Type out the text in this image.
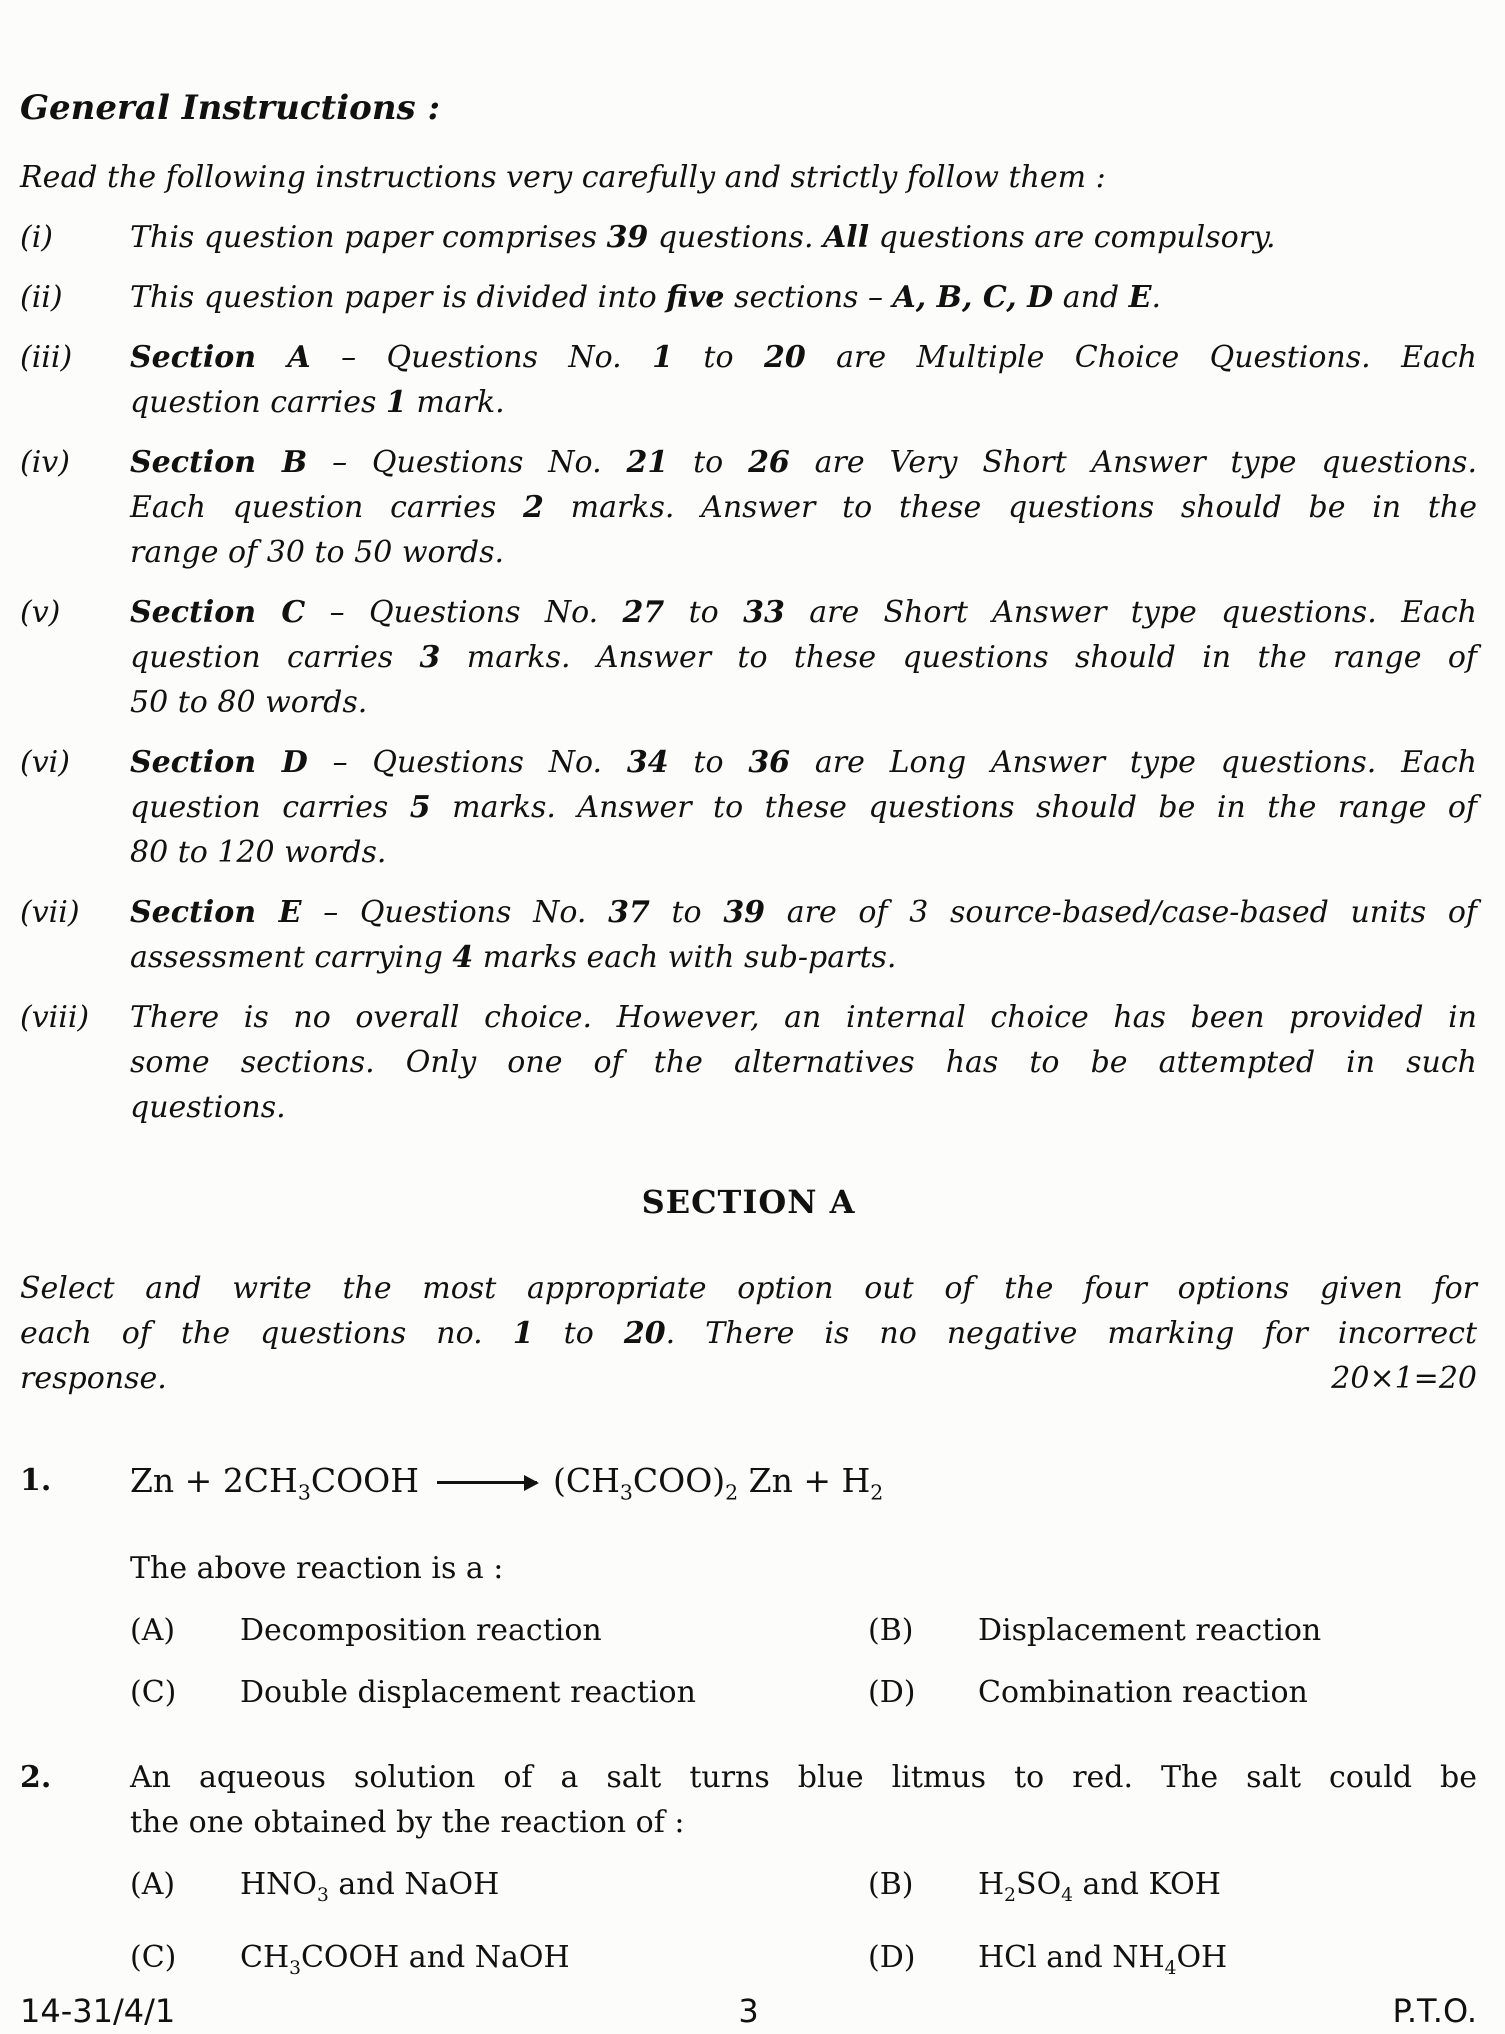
General Instructions :
Read the following instructions very carefully and strictly follow them :
(i)	This question paper comprises 39 questions. All questions are compulsory.
(ii)	This question paper is divided into five sections – A, B, C, D and E.
(iii)	Section A – Questions No. 1 to 20 are Multiple Choice Questions. Each
question carries 1 mark.
(iv)	Section B – Questions No. 21 to 26 are Very Short Answer type questions.
Each question carries 2 marks. Answer to these questions should be in the
range of 30 to 50 words.
(v)	Section C – Questions No. 27 to 33 are Short Answer type questions. Each
question carries 3 marks. Answer to these questions should in the range of
50 to 80 words.
(vi)	Section D – Questions No. 34 to 36 are Long Answer type questions. Each
question carries 5 marks. Answer to these questions should be in the range of
80 to 120 words.
(vii)	Section E – Questions No. 37 to 39 are of 3 source-based/case-based units of
assessment carrying 4 marks each with sub-parts.
(viii)	There is no overall choice. However, an internal choice has been provided in
some sections. Only one of the alternatives has to be attempted in such
questions.
SECTION A
Select and write the most appropriate option out of the four options given for
each of the questions no. 1 to 20. There is no negative marking for incorrect
response.	20×1=20
1.	$Zn + 2CH_3COOH$	$(CH_3COO)_2$ $Zn + H_2$
The above reaction is a :
(A)	Decomposition reaction	(B)	Displacement reaction
(C)	Double displacement reaction	(D)	Combination reaction
2.	An aqueous solution of a salt turns blue litmus to red. The salt could be
the one obtained by the reaction of :
(A)	$HNO_3$ and NaOH	(B)	$H_2SO_4$ and KOH
(C)	$CH_3COOH$ and NaOH	(D)	HCl and $NH_4OH$
14-31/4/1	3	P.T.O.
